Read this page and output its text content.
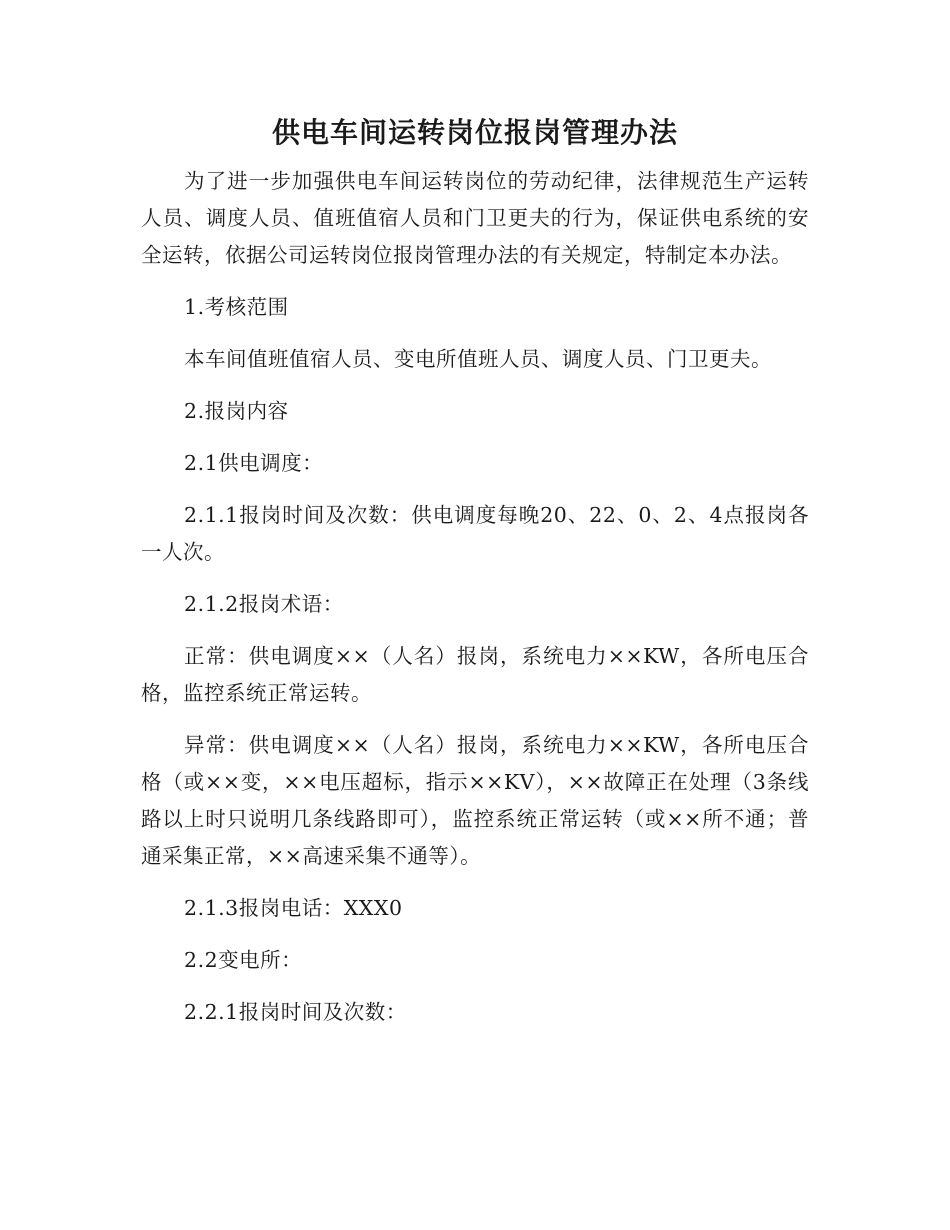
供电车间运转岗位报岗管理办法

为了进一步加强供电车间运转岗位的劳动纪律，法律规范生产运转人员、调度人员、值班值宿人员和门卫更夫的行为，保证供电系统的安全运转，依据公司运转岗位报岗管理办法的有关规定，特制定本办法。

1.考核范围

本车间值班值宿人员、变电所值班人员、调度人员、门卫更夫。

2.报岗内容

2.1供电调度：

2.1.1报岗时间及次数：供电调度每晚20、22、0、2、4点报岗各一人次。

2.1.2报岗术语：

正常：供电调度××（人名）报岗，系统电力××KW，各所电压合格，监控系统正常运转。

异常：供电调度××（人名）报岗，系统电力××KW，各所电压合格（或××变，××电压超标，指示××KV），××故障正在处理（3条线路以上时只说明几条线路即可），监控系统正常运转（或××所不通；普通采集正常，××高速采集不通等）。

2.1.3报岗电话：XXX0

2.2变电所：

2.2.1报岗时间及次数：
